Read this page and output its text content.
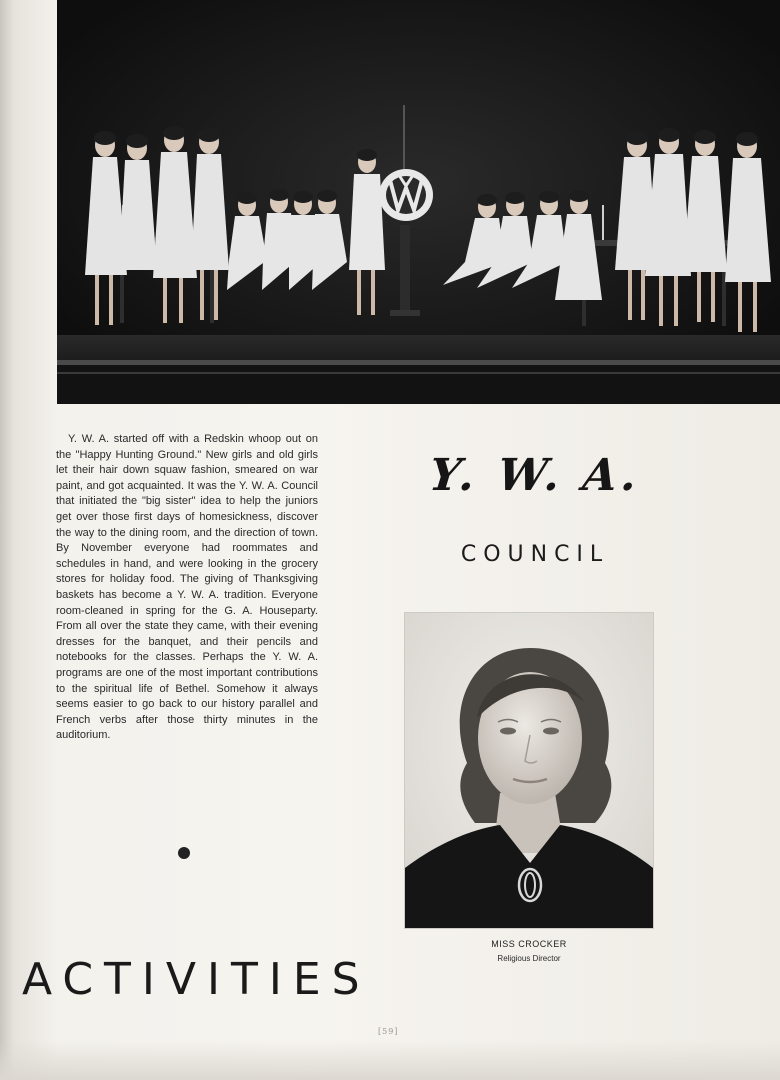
Y. W. A. started off with a Redskin whoop out on the "Happy Hunting Ground." New girls and old girls let their hair down squaw fashion, smeared on war paint, and got acquainted. It was the Y. W. A. Council that initiated the "big sister" idea to help the juniors get over those first days of homesickness, discover the way to the dining room, and the direction of town. By November everyone had roommates and schedules in hand, and were looking in the grocery stores for holiday food. The giving of Thanksgiving baskets has become a Y. W. A. tradition. Everyone room-cleaned in spring for the G. A. Houseparty. From all over the state they came, with their evening dresses for the banquet, and their pencils and notebooks for the classes. Perhaps the Y. W. A. programs are one of the most important contributions to the spiritual life of Bethel. Somehow it always seems easier to go back to our history parallel and French verbs after those thirty minutes in the auditorium.

Y. W. A.
COUNCIL
MISS CROCKER
Religious Director
ACTIVITIES
[59]
